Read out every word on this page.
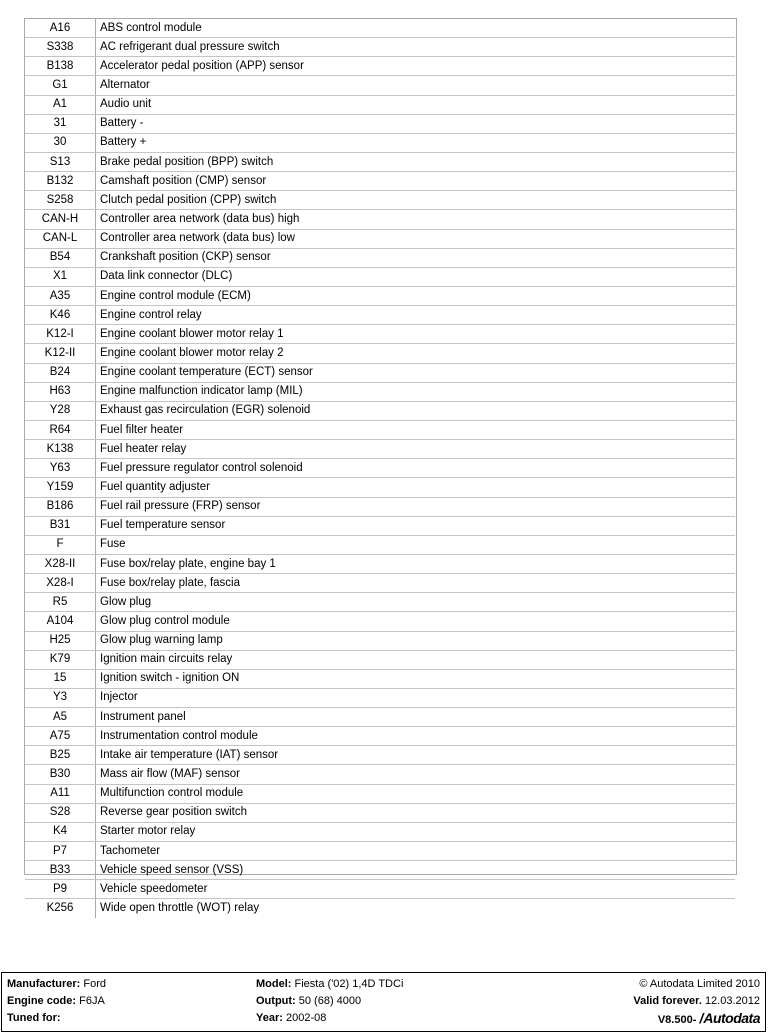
A16	ABS control module
S338	AC refrigerant dual pressure switch
B138	Accelerator pedal position (APP) sensor
G1	Alternator
A1	Audio unit
31	Battery -
30	Battery +
S13	Brake pedal position (BPP) switch
B132	Camshaft position (CMP) sensor
S258	Clutch pedal position (CPP) switch
CAN-H	Controller area network (data bus) high
CAN-L	Controller area network (data bus) low
B54	Crankshaft position (CKP) sensor
X1	Data link connector (DLC)
A35	Engine control module (ECM)
K46	Engine control relay
K12-I	Engine coolant blower motor relay 1
K12-II	Engine coolant blower motor relay 2
B24	Engine coolant temperature (ECT) sensor
H63	Engine malfunction indicator lamp (MIL)
Y28	Exhaust gas recirculation (EGR) solenoid
R64	Fuel filter heater
K138	Fuel heater relay
Y63	Fuel pressure regulator control solenoid
Y159	Fuel quantity adjuster
B186	Fuel rail pressure (FRP) sensor
B31	Fuel temperature sensor
F	Fuse
X28-II	Fuse box/relay plate, engine bay 1
X28-I	Fuse box/relay plate, fascia
R5	Glow plug
A104	Glow plug control module
H25	Glow plug warning lamp
K79	Ignition main circuits relay
15	Ignition switch - ignition ON
Y3	Injector
A5	Instrument panel
A75	Instrumentation control module
B25	Intake air temperature (IAT) sensor
B30	Mass air flow (MAF) sensor
A11	Multifunction control module
S28	Reverse gear position switch
K4	Starter motor relay
P7	Tachometer
B33	Vehicle speed sensor (VSS)
P9	Vehicle speedometer
K256	Wide open throttle (WOT) relay
Manufacturer: Ford
Engine code: F6JA
Tuned for:
Model: Fiesta ('02) 1,4D TDCi
Output: 50 (68) 4000
Year: 2002-08
© Autodata Limited 2010
Valid forever. 12.03.2012
V8.500- /Autodata
